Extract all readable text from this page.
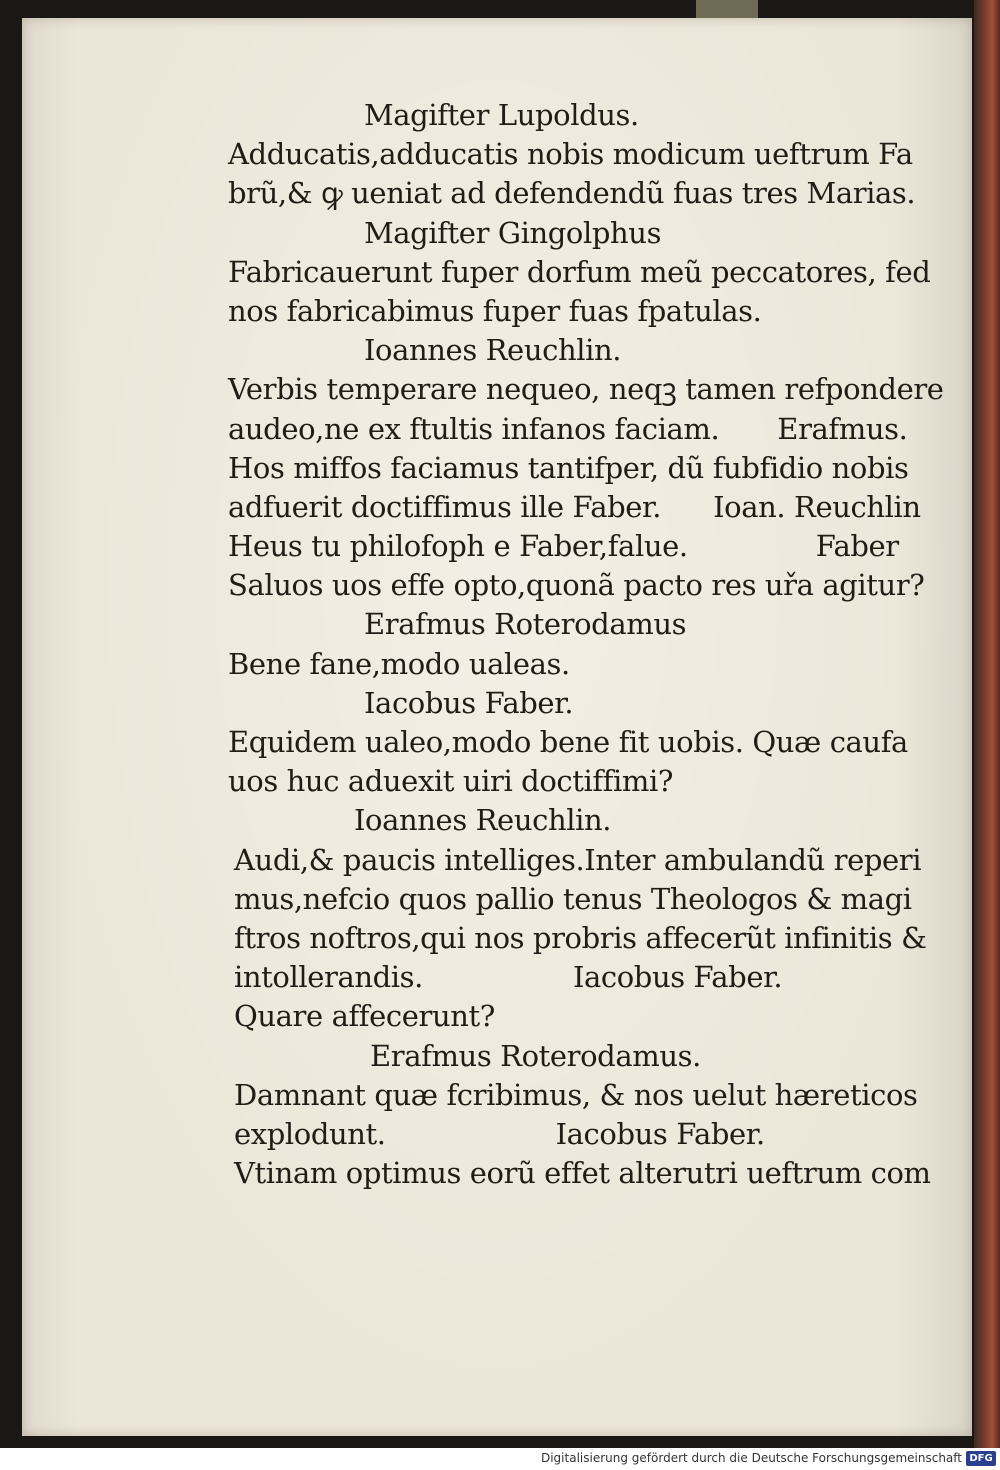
Magifter Lupoldus.
Adducatis,adducatis nobis modicum ueftrum Fa
brũ,& ꝙ ueniat ad defendendũ fuas tres Marias.
Magifter Gingolphus
Fabricauerunt fuper dorfum meũ peccatores, fed
nos fabricabimus fuper fuas fpatulas.
Ioannes Reuchlin.
Verbis temperare nequeo, neqꝫ tamen refpondere
audeo,ne ex ftultis infanos faciam. Erafmus.
Hos miffos faciamus tantifper, dũ fubfidio nobis
adfuerit doctiffimus ille Faber. Ioan. Reuchlin
Heus tu philofoph e Faber,falue.	Faber
Saluos uos effe opto,quonã pacto res uřa agitur?
Erafmus Roterodamus
Bene fane,modo ualeas.
Iacobus Faber.
Equidem ualeo,modo bene fit uobis. Quæ caufa
uos huc aduexit uiri doctiffimi?
Ioannes Reuchlin.
Audi,& paucis intelliges.Inter ambulandũ reperi
mus,nefcio quos pallio tenus Theologos & magi
ftros noftros,qui nos probris affecerũt infinitis &
intollerandis.	Iacobus Faber.
Quare affecerunt?
Erafmus Roterodamus.
Damnant quæ fcribimus, & nos uelut hæreticos
explodunt.	Iacobus Faber.
Vtinam optimus eorũ effet alterutri ueftrum com
Digitalisierung gefördert durch die Deutsche Forschungsgemeinschaft DFG
